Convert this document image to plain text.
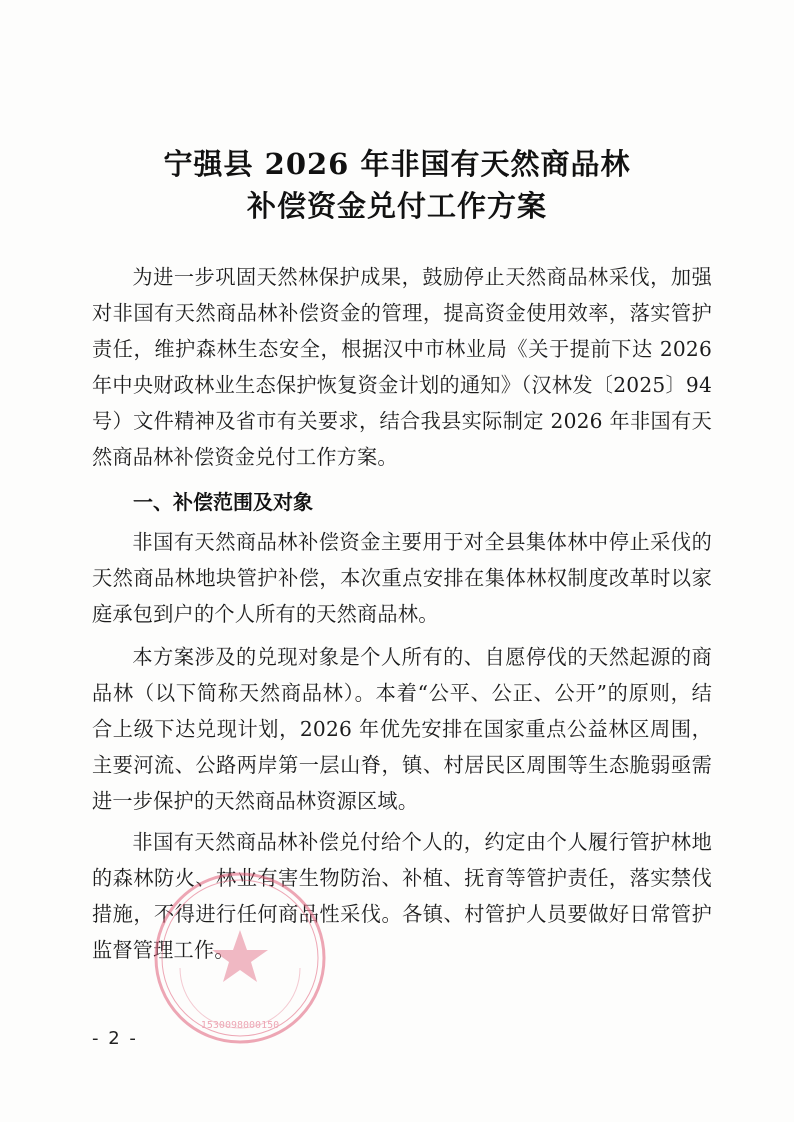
宁强县 2026 年非国有天然商品林
补偿资金兑付工作方案
为进一步巩固天然林保护成果，鼓励停止天然商品林采伐，加强对非国有天然商品林补偿资金的管理，提高资金使用效率，落实管护责任，维护森林生态安全，根据汉中市林业局《关于提前下达 2026 年中央财政林业生态保护恢复资金计划的通知》（汉林发〔2025〕94 号）文件精神及省市有关要求，结合我县实际制定 2026 年非国有天然商品林补偿资金兑付工作方案。
一、补偿范围及对象
非国有天然商品林补偿资金主要用于对全县集体林中停止采伐的天然商品林地块管护补偿，本次重点安排在集体林权制度改革时以家庭承包到户的个人所有的天然商品林。
本方案涉及的兑现对象是个人所有的、自愿停伐的天然起源的商品林（以下简称天然商品林）。本着“公平、公正、公开”的原则，结合上级下达兑现计划，2026 年优先安排在国家重点公益林区周围，主要河流、公路两岸第一层山脊，镇、村居民区周围等生态脆弱亟需进一步保护的天然商品林资源区域。
非国有天然商品林补偿兑付给个人的，约定由个人履行管护林地的森林防火、林业有害生物防治、补植、抚育等管护责任，落实禁伐措施，不得进行任何商品性采伐。各镇、村管护人员要做好日常管护监督管理工作。
1530098000150
- 2 -
